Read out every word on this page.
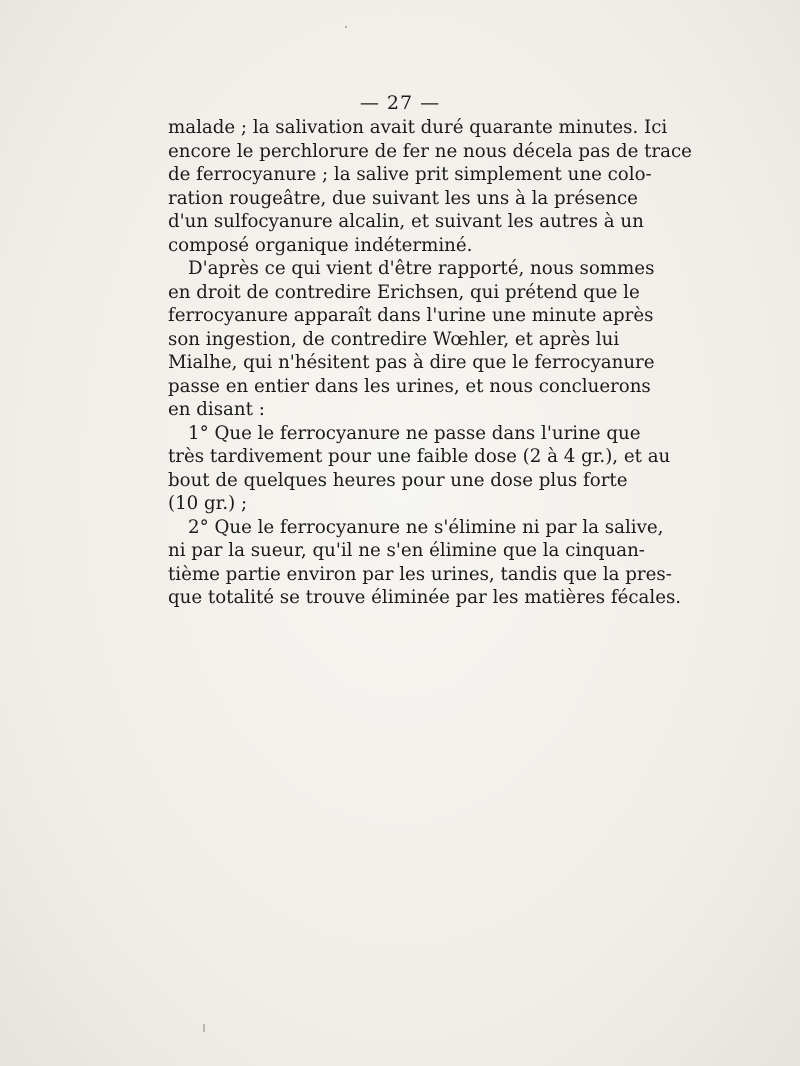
— 27 —

malade ; la salivation avait duré quarante minutes. Ici
encore le perchlorure de fer ne nous décela pas de trace
de ferrocyanure ; la salive prit simplement une colo-
ration rougeâtre, due suivant les uns à la présence
d'un sulfocyanure alcalin, et suivant les autres à un
composé organique indéterminé.

D'après ce qui vient d'être rapporté, nous sommes
en droit de contredire Erichsen, qui prétend que le
ferrocyanure apparaît dans l'urine une minute après
son ingestion, de contredire Wœhler, et après lui
Mialhe, qui n'hésitent pas à dire que le ferrocyanure
passe en entier dans les urines, et nous concluerons
en disant :

1° Que le ferrocyanure ne passe dans l'urine que
très tardivement pour une faible dose (2 à 4 gr.), et au
bout de quelques heures pour une dose plus forte
(10 gr.) ;

2° Que le ferrocyanure ne s'élimine ni par la salive,
ni par la sueur, qu'il ne s'en élimine que la cinquan-
tième partie environ par les urines, tandis que la pres-
que totalité se trouve éliminée par les matières fécales.
